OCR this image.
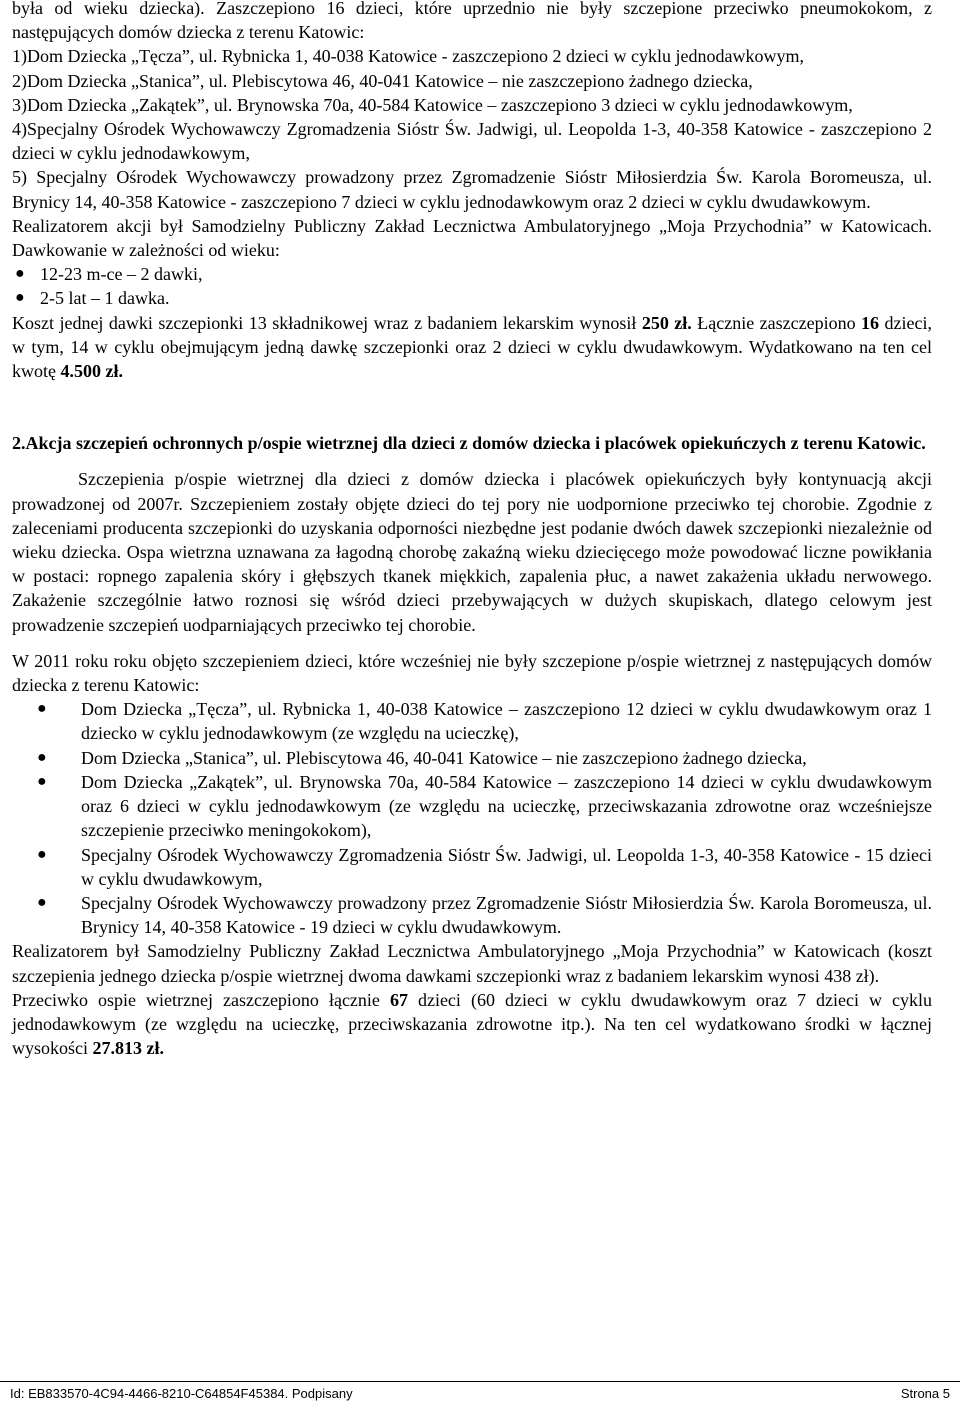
była od wieku dziecka). Zaszczepiono 16 dzieci, które uprzednio nie były szczepione przeciwko pneumokokom, z następujących domów dziecka z terenu Katowic:

1)Dom Dziecka „Tęcza”, ul. Rybnicka 1, 40-038 Katowice - zaszczepiono 2 dzieci w cyklu jednodawkowym,

2)Dom Dziecka „Stanica”, ul. Plebiscytowa 46, 40-041 Katowice – nie zaszczepiono żadnego dziecka,

3)Dom Dziecka „Zakątek”, ul. Brynowska 70a, 40-584 Katowice – zaszczepiono 3 dzieci w cyklu jednodawkowym,

4)Specjalny Ośrodek Wychowawczy Zgromadzenia Sióstr Św. Jadwigi, ul. Leopolda 1-3, 40-358 Katowice - zaszczepiono 2 dzieci w cyklu jednodawkowym,

5) Specjalny Ośrodek Wychowawczy prowadzony przez Zgromadzenie Sióstr Miłosierdzia Św. Karola Boromeusza, ul. Brynicy 14, 40-358 Katowice - zaszczepiono 7 dzieci w cyklu jednodawkowym oraz 2 dzieci w cyklu dwudawkowym.

Realizatorem akcji był Samodzielny Publiczny Zakład Lecznictwa Ambulatoryjnego „Moja Przychodnia” w Katowicach. Dawkowanie w zależności od wieku:

● 12-23 m-ce – 2 dawki,
● 2-5 lat – 1 dawka.

Koszt jednej dawki szczepionki 13 składnikowej wraz z badaniem lekarskim wynosił 250 zł. Łącznie zaszczepiono 16 dzieci, w tym, 14 w cyklu obejmującym jedną dawkę szczepionki oraz 2 dzieci w cyklu dwudawkowym. Wydatkowano na ten cel kwotę 4.500 zł.

2.Akcja szczepień ochronnych p/ospie wietrznej dla dzieci z domów dziecka i placówek opiekuńczych z terenu Katowic.

Szczepienia p/ospie wietrznej dla dzieci z domów dziecka i placówek opiekuńczych były kontynuacją akcji prowadzonej od 2007r. Szczepieniem zostały objęte dzieci do tej pory nie uodpornione przeciwko tej chorobie. Zgodnie z zaleceniami producenta szczepionki do uzyskania odporności niezbędne jest podanie dwóch dawek szczepionki niezależnie od wieku dziecka. Ospa wietrzna uznawana za łagodną chorobę zakaźną wieku dziecięcego może powodować liczne powikłania w postaci: ropnego zapalenia skóry i głębszych tkanek miękkich, zapalenia płuc, a nawet zakażenia układu nerwowego. Zakażenie szczególnie łatwo roznosi się wśród dzieci przebywających w dużych skupiskach, dlatego celowym jest prowadzenie szczepień uodparniających przeciwko tej chorobie.

W 2011 roku roku objęto szczepieniem dzieci, które wcześniej nie były szczepione p/ospie wietrznej z następujących domów dziecka z terenu Katowic:

● Dom Dziecka „Tęcza”, ul. Rybnicka 1, 40-038 Katowice – zaszczepiono 12 dzieci w cyklu dwudawkowym oraz 1 dziecko w cyklu jednodawkowym (ze względu na ucieczkę),
● Dom Dziecka „Stanica”, ul. Plebiscytowa 46, 40-041 Katowice – nie zaszczepiono żadnego dziecka,
● Dom Dziecka „Zakątek”, ul. Brynowska 70a, 40-584 Katowice – zaszczepiono 14 dzieci w cyklu dwudawkowym oraz 6 dzieci w cyklu jednodawkowym (ze względu na ucieczkę, przeciwskazania zdrowotne oraz wcześniejsze szczepienie przeciwko meningokokom),
● Specjalny Ośrodek Wychowawczy Zgromadzenia Sióstr Św. Jadwigi, ul. Leopolda 1-3, 40-358 Katowice - 15 dzieci w cyklu dwudawkowym,
● Specjalny Ośrodek Wychowawczy prowadzony przez Zgromadzenie Sióstr Miłosierdzia Św. Karola Boromeusza, ul. Brynicy 14, 40-358 Katowice - 19 dzieci w cyklu dwudawkowym.

Realizatorem był Samodzielny Publiczny Zakład Lecznictwa Ambulatoryjnego „Moja Przychodnia” w Katowicach (koszt szczepienia jednego dziecka p/ospie wietrznej dwoma dawkami szczepionki wraz z badaniem lekarskim wynosi 438 zł).

Przeciwko ospie wietrznej zaszczepiono łącznie 67 dzieci (60 dzieci w cyklu dwudawkowym oraz 7 dzieci w cyklu jednodawkowym (ze względu na ucieczkę, przeciwskazania zdrowotne itp.). Na ten cel wydatkowano środki w łącznej wysokości 27.813 zł.

Id: EB833570-4C94-4466-8210-C64854F45384. Podpisany	Strona 5
